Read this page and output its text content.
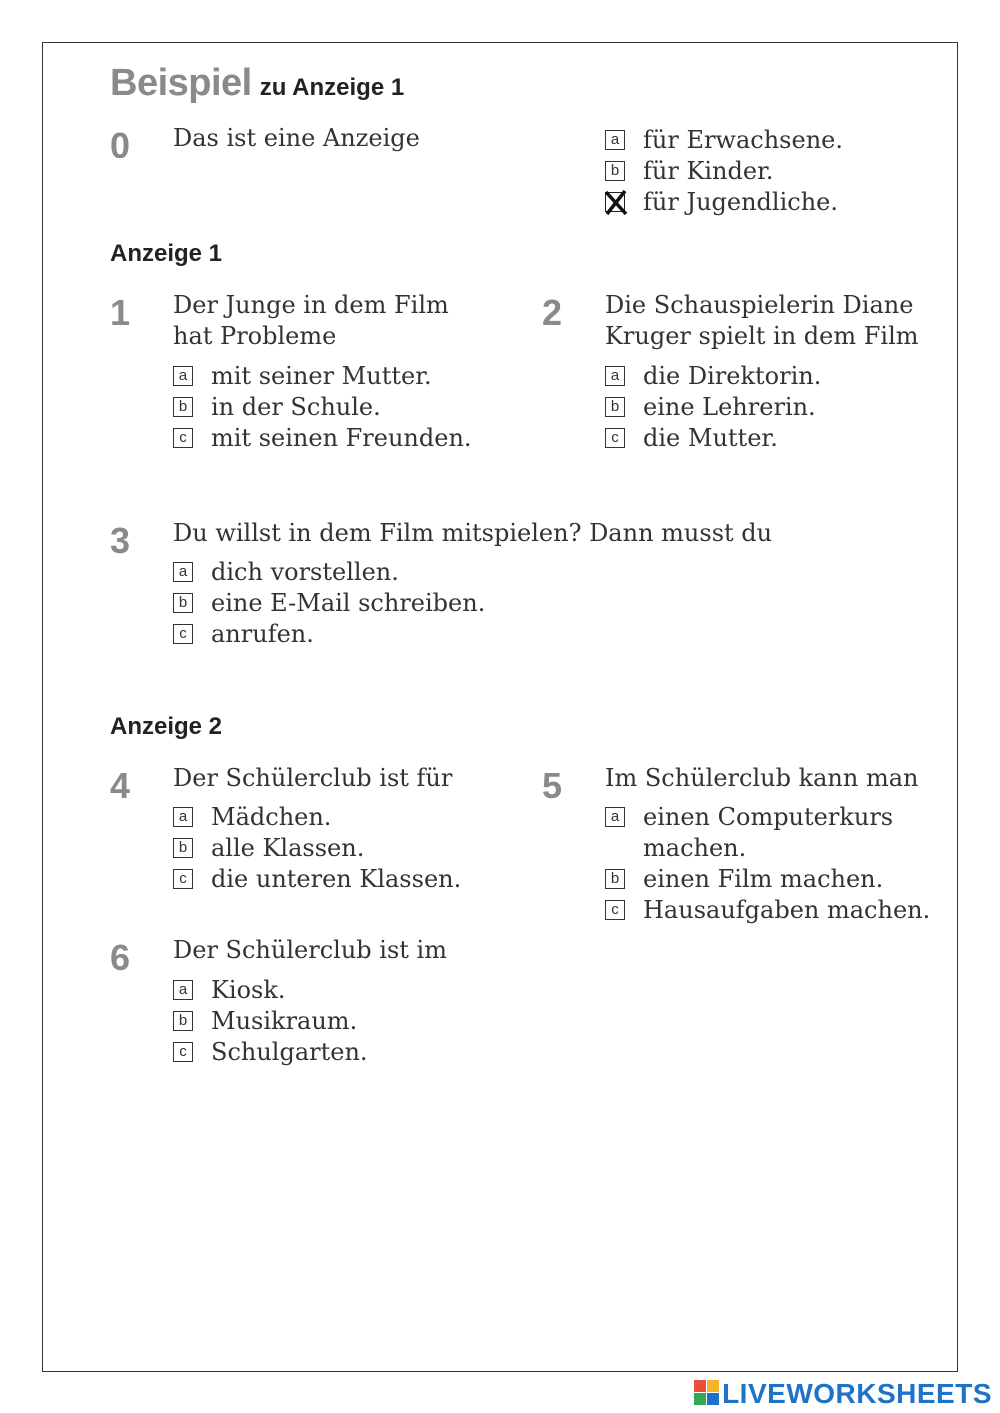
Beispiel zu Anzeige 1
0 Das ist eine Anzeige	a für Erwachsene.
b für Kinder.
für Jugendliche.
Anzeige 1
1 Der Junge in dem Film
hat Probleme
a mit seiner Mutter.
b in der Schule.
c mit seinen Freunden.
2 Die Schauspielerin Diane
Kruger spielt in dem Film
a die Direktorin.
b eine Lehrerin.
c die Mutter.
3 Du willst in dem Film mitspielen? Dann musst du
a dich vorstellen.
b eine E-Mail schreiben.
c anrufen.
Anzeige 2
4 Der Schülerclub ist für
a Mädchen.
b alle Klassen.
c die unteren Klassen.
5 Im Schülerclub kann man
a einen Computerkurs
machen.
b einen Film machen.
c Hausaufgaben machen.
6 Der Schülerclub ist im
a Kiosk.
b Musikraum.
c Schulgarten.
LIVEWORKSHEETS
